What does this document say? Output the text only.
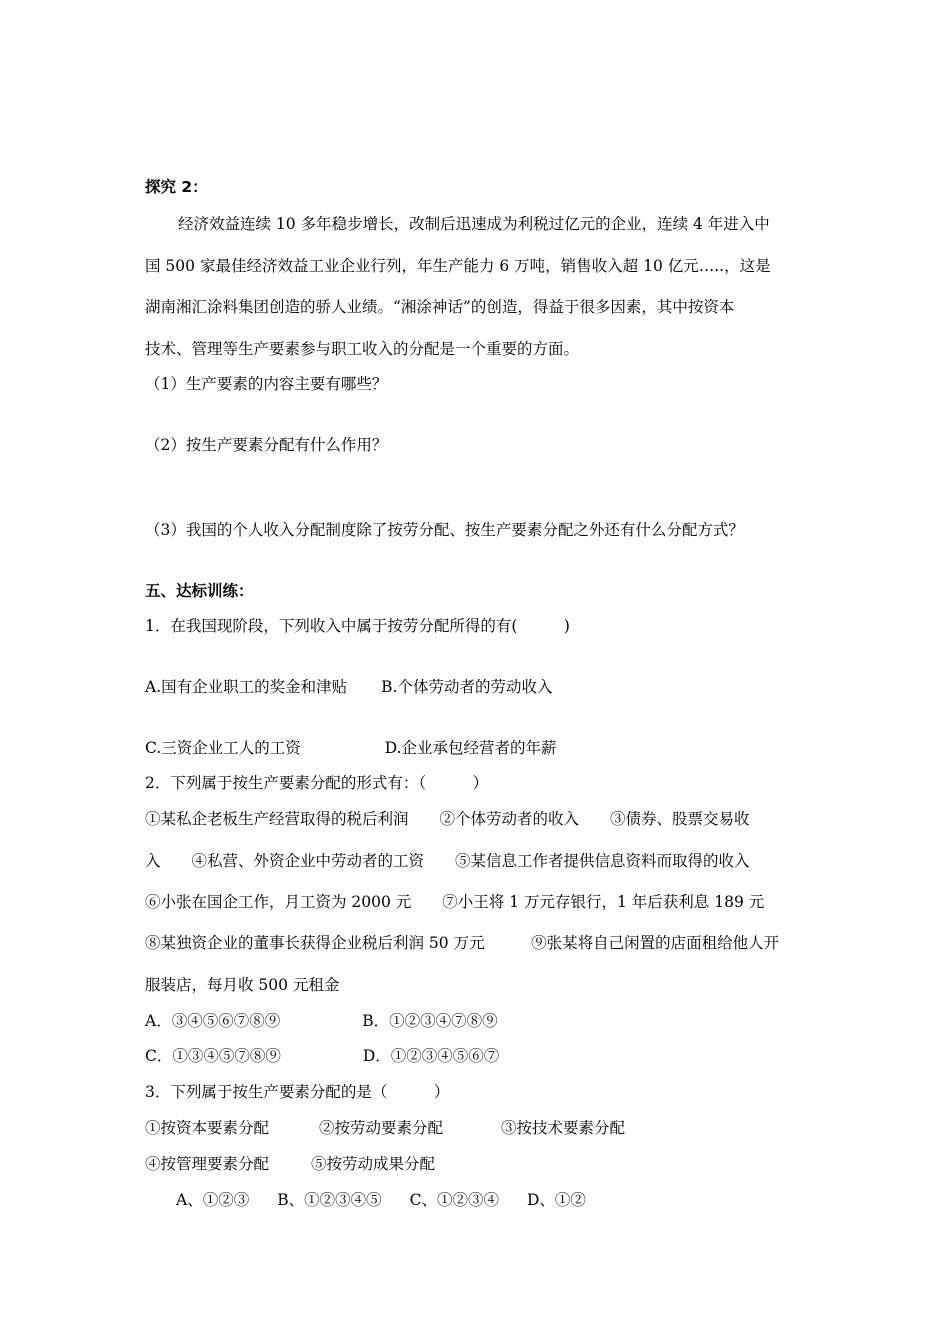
探究 2：
经济效益连续 10 多年稳步增长，改制后迅速成为利税过亿元的企业，连续 4 年进入中
国 500 家最佳经济效益工业企业行列，年生产能力 6 万吨，销售收入超 10 亿元…..，这是
湖南湘汇涂料集团创造的骄人业绩。“湘涂神话”的创造，得益于很多因素，其中按资本
技术、管理等生产要素参与职工收入的分配是一个重要的方面。
（1）生产要素的内容主要有哪些？
（2）按生产要素分配有什么作用？
（3）我国的个人收入分配制度除了按劳分配、按生产要素分配之外还有什么分配方式？
五、达标训练：
1．在我国现阶段，下列收入中属于按劳分配所得的有(　　　)
A.国有企业职工的奖金和津贴 B.个体劳动者的劳动收入
C.三资企业工人的工资	D.企业承包经营者的年薪
2．下列属于按生产要素分配的形式有：（　　　）
①某私企老板生产经营取得的税后利润　　②个体劳动者的收入　　③债券、股票交易收
入　　④私营、外资企业中劳动者的工资　　⑤某信息工作者提供信息资料而取得的收入
⑥小张在国企工作，月工资为 2000 元　　⑦小王将 1 万元存银行，1 年后获利息 189 元
⑧某独资企业的董事长获得企业税后利润 50 万元　　　⑨张某将自己闲置的店面租给他人开
服装店，每月收 500 元租金
A．③④⑤⑥⑦⑧⑨	B．①②③④⑦⑧⑨
C．①③④⑤⑦⑧⑨	D．①②③④⑤⑥⑦
3．下列属于按生产要素分配的是（　　　）
①按资本要素分配	②按劳动要素分配	③按技术要素分配
④按管理要素分配	⑤按劳动成果分配
A、①②③ B、①②③④⑤ C、①②③④ D、①②
